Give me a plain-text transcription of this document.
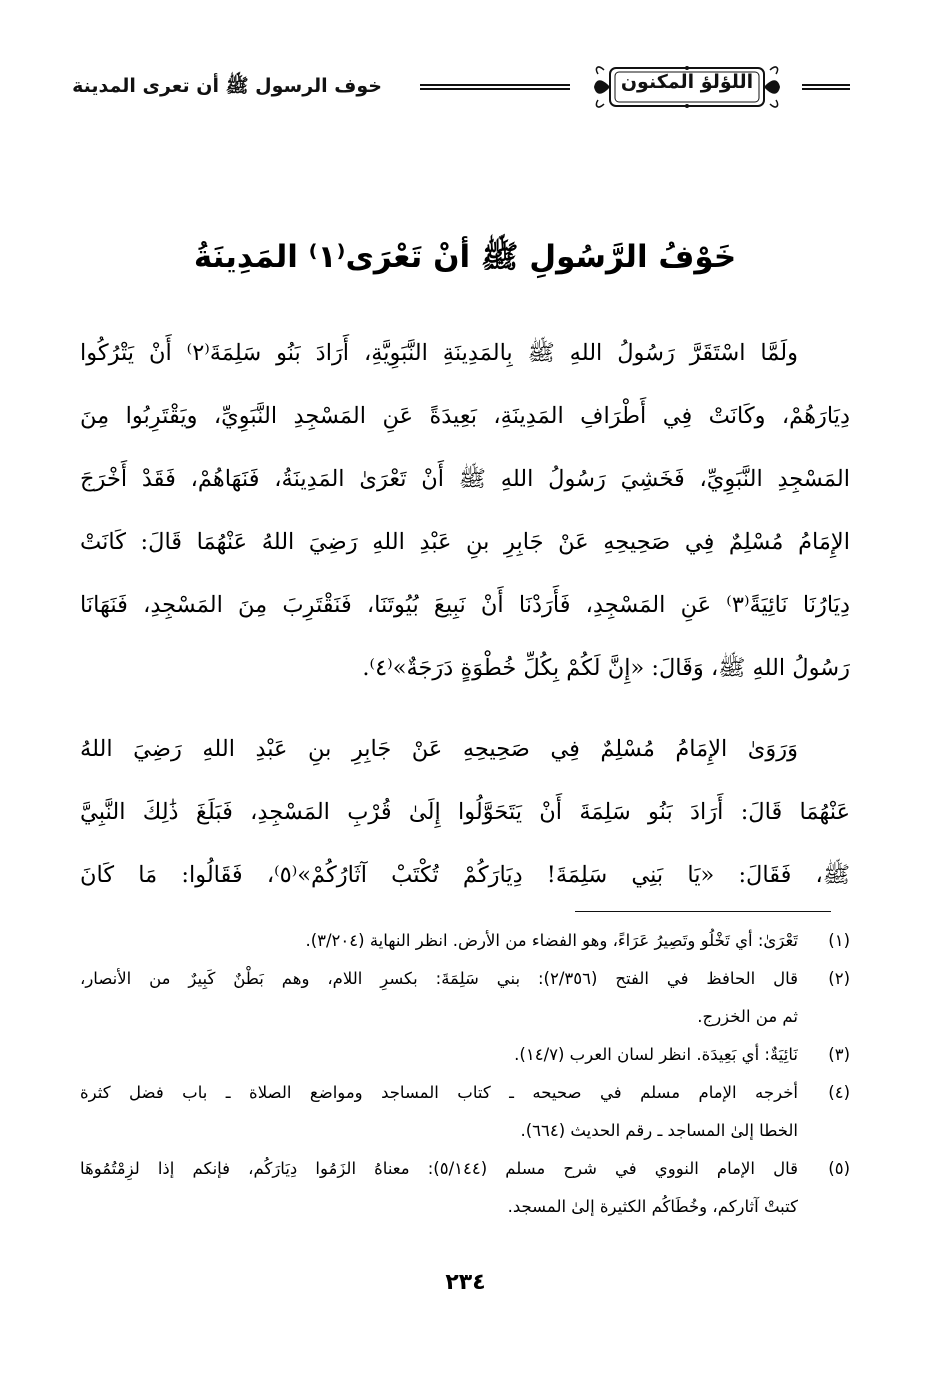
اللؤلؤ المكنون
خوف الرسول ﷺ أن تعرى المدينة
خَوْفُ الرَّسُولِ ﷺ أنْ تَعْرَى⁽١⁾ المَدِينَةُ
ولَمَّا اسْتَقَرَّ رَسُولُ اللهِ ﷺ بِالمَدِينَةِ النَّبَوِيَّةِ، أَرَادَ بَنُو سَلِمَةَ⁽٢⁾ أَنْ يَتْرُكُوا
دِيَارَهُمْ، وكَانَتْ فِي أَطْرَافِ المَدِينَةِ، بَعِيدَةً عَنِ المَسْجِدِ النَّبَوِيِّ، ويَقْتَرِبُوا مِنَ
المَسْجِدِ النَّبَوِيِّ، فَخَشِيَ رَسُولُ اللهِ ﷺ أَنْ تَعْرَىٰ المَدِينَةُ، فَنَهَاهُمْ، فَقَدْ أَخْرَجَ
الإِمَامُ مُسْلِمٌ فِي صَحِيحِهِ عَنْ جَابِرِ بنِ عَبْدِ اللهِ رَضِيَ اللهُ عَنْهُمَا قَالَ: كَانَتْ
دِيَارُنَا نَائِيَةً⁽٣⁾ عَنِ المَسْجِدِ، فَأَرَدْنَا أَنْ نَبِيعَ بُيُوتَنَا، فَنَقْتَرِبَ مِنَ المَسْجِدِ، فَنَهَانَا
رَسُولُ اللهِ ﷺ، وَقَالَ: «إِنَّ لَكُمْ بِكُلِّ خُطْوَةٍ دَرَجَةٌ»⁽٤⁾.
وَرَوَىٰ الإِمَامُ مُسْلِمٌ فِي صَحِيحِهِ عَنْ جَابِرِ بنِ عَبْدِ اللهِ رَضِيَ اللهُ
عَنْهُمَا قَالَ: أَرَادَ بَنُو سَلِمَةَ أَنْ يَتَحَوَّلُوا إِلَىٰ قُرْبِ المَسْجِدِ، فَبَلَغَ ذَٰلِكَ النَّبِيَّ
ﷺ، فَقَالَ: «يَا بَنِي سَلِمَةَ! دِيَارَكُمْ تُكْتَبْ آثَارُكُمْ»⁽٥⁾، فَقَالُوا: مَا كَانَ
(١)
تَعْرَىٰ: أي تَخْلُو وتَصِيرُ عَرَاءً، وهو الفضاء من الأرض. انظر النهاية (٣/٢٠٤).
(٢)
قال الحافظ في الفتح (٢/٣٥٦): بني سَلِمَةَ: بكسرِ اللام، وهم بَطْنٌ كَبِيرٌ من الأنصار،
ثم من الخزرج.
(٣)
نَائِيَةٌ: أي بَعِيدَة. انظر لسان العرب (١٤/٧).
(٤)
أخرجه الإمام مسلم في صحيحه ـ كتاب المساجد ومواضع الصلاة ـ باب فضل كثرة
الخطا إلىٰ المساجد ـ رقم الحديث (٦٦٤).
(٥)
قال الإمام النووي في شرح مسلم (٥/١٤٤): معناهُ الزَمُوا دِيَارَكُم، فإنكم إذا لزِمْتُمُوهَا
كتبتْ آثاركم، وخُطَاكُم الكثيرة إلىٰ المسجد.
٢٣٤
